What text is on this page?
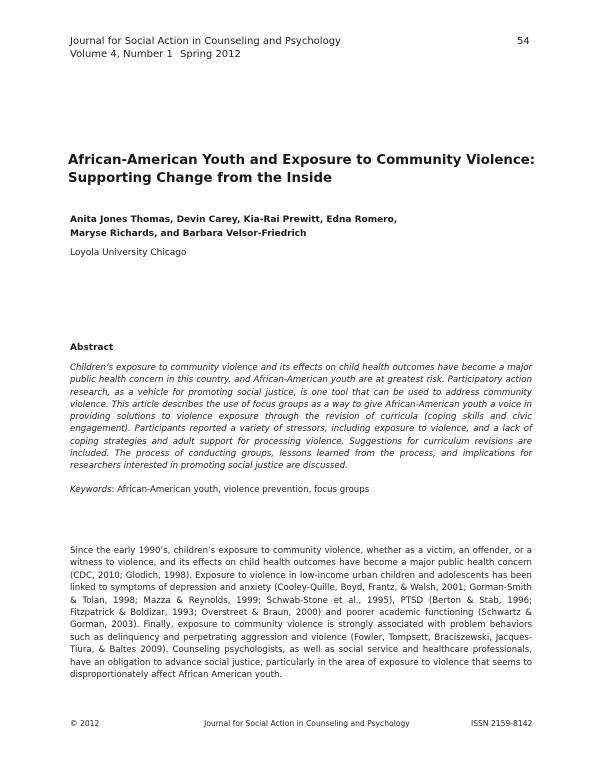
Journal for Social Action in Counseling and Psychology	54
Volume 4, Number 1 Spring 2012
African-American Youth and Exposure to Community Violence: Supporting Change from the Inside
Anita Jones Thomas, Devin Carey, Kia-Rai Prewitt, Edna Romero,
Maryse Richards, and Barbara Velsor-Friedrich
Loyola University Chicago
Abstract
Children’s exposure to community violence and its effects on child health outcomes have become a major public health concern in this country, and African-American youth are at greatest risk. Participatory action research, as a vehicle for promoting social justice, is one tool that can be used to address community violence. This article describes the use of focus groups as a way to give African-American youth a voice in providing solutions to violence exposure through the revision of curricula (coping skills and civic engagement). Participants reported a variety of stressors, including exposure to violence, and a lack of coping strategies and adult support for processing violence. Suggestions for curriculum revisions are included. The process of conducting groups, lessons learned from the process, and implications for researchers interested in promoting social justice are discussed.
Keywords: African-American youth, violence prevention, focus groups
Since the early 1990’s, children’s exposure to community violence, whether as a victim, an offender, or a witness to violence, and its effects on child health outcomes have become a major public health concern (CDC, 2010; Glodich, 1998). Exposure to violence in low-income urban children and adolescents has been linked to symptoms of depression and anxiety (Cooley-Quille, Boyd, Frantz, & Walsh, 2001; Gorman-Smith & Tolan, 1998; Mazza & Reynolds, 1999; Schwab-Stone et al., 1995), PTSD (Berton & Stab, 1996; Fitzpatrick & Boldizar, 1993; Overstreet & Braun, 2000) and poorer academic functioning (Schwartz & Gorman, 2003). Finally, exposure to community violence is strongly associated with problem behaviors such as delinquency and perpetrating aggression and violence (Fowler, Tompsett, Braciszewski, Jacques-Tiura, & Baltes 2009). Counseling psychologists, as well as social service and healthcare professionals, have an obligation to advance social justice, particularly in the area of exposure to violence that seems to disproportionately affect African American youth.
© 2012	Journal for Social Action in Counseling and Psychology	ISSN 2159-8142
